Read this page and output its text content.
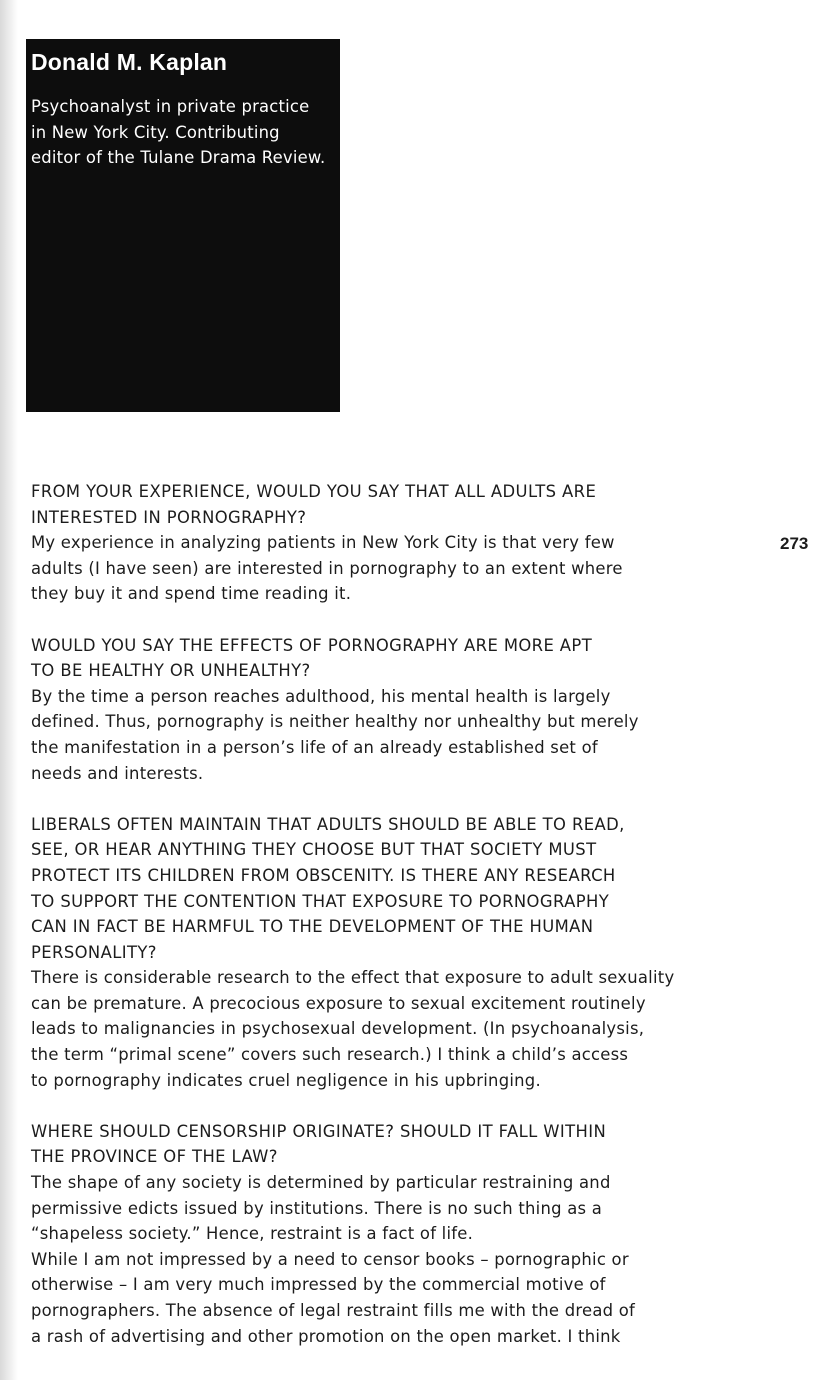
Donald M. Kaplan

Psychoanalyst in private practice
in New York City. Contributing
editor of the Tulane Drama Review.

273

FROM YOUR EXPERIENCE, WOULD YOU SAY THAT ALL ADULTS ARE
INTERESTED IN PORNOGRAPHY?
My experience in analyzing patients in New York City is that very few
adults (I have seen) are interested in pornography to an extent where
they buy it and spend time reading it.
WOULD YOU SAY THE EFFECTS OF PORNOGRAPHY ARE MORE APT
TO BE HEALTHY OR UNHEALTHY?
By the time a person reaches adulthood, his mental health is largely
defined. Thus, pornography is neither healthy nor unhealthy but merely
the manifestation in a person’s life of an already established set of
needs and interests.
LIBERALS OFTEN MAINTAIN THAT ADULTS SHOULD BE ABLE TO READ,
SEE, OR HEAR ANYTHING THEY CHOOSE BUT THAT SOCIETY MUST
PROTECT ITS CHILDREN FROM OBSCENITY. IS THERE ANY RESEARCH
TO SUPPORT THE CONTENTION THAT EXPOSURE TO PORNOGRAPHY
CAN IN FACT BE HARMFUL TO THE DEVELOPMENT OF THE HUMAN
PERSONALITY?
There is considerable research to the effect that exposure to adult sexuality
can be premature. A precocious exposure to sexual excitement routinely
leads to malignancies in psychosexual development. (In psychoanalysis,
the term “primal scene” covers such research.) I think a child’s access
to pornography indicates cruel negligence in his upbringing.
WHERE SHOULD CENSORSHIP ORIGINATE? SHOULD IT FALL WITHIN
THE PROVINCE OF THE LAW?
The shape of any society is determined by particular restraining and
permissive edicts issued by institutions. There is no such thing as a
“shapeless society.” Hence, restraint is a fact of life.
While I am not impressed by a need to censor books – pornographic or
otherwise – I am very much impressed by the commercial motive of
pornographers. The absence of legal restraint fills me with the dread of
a rash of advertising and other promotion on the open market. I think
